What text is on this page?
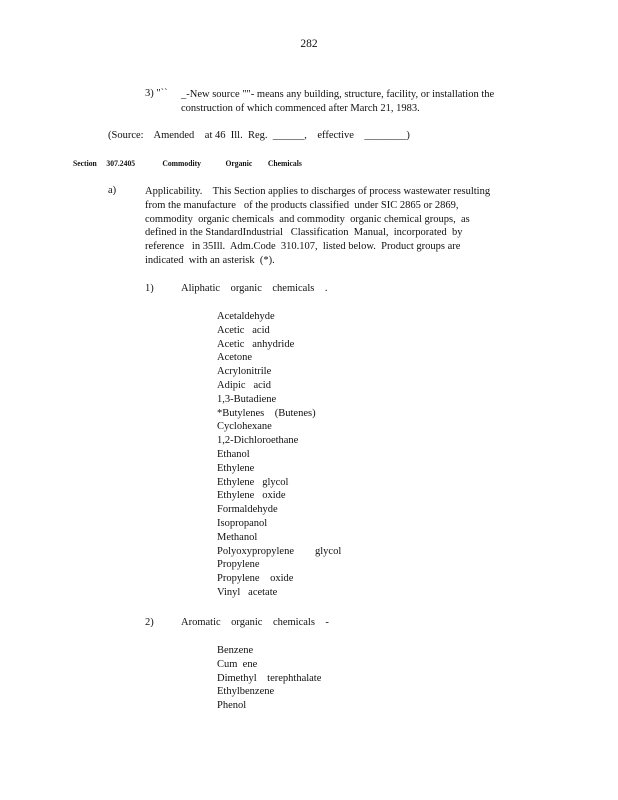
282
3) "`` _-New source ""- means any building, structure, facility, or installation the
construction of which commenced after March 21, 1983.
(Source:    Amended    at 46  Ill.  Reg.  ______,    effective    ________)
Section 307.2405	Commodity	Organic Chemicals
a)	Applicability.    This Section applies to discharges of process wastewater resulting
from the manufacture   of the products classified  under SIC 2865 or 2869,
commodity  organic chemicals  and commodity  organic chemical groups,  as
defined in the StandardIndustrial   Classification  Manual,  incorporated  by
reference   in 35Ill.  Adm.Code  310.107,  listed below.  Product groups are
indicated  with an asterisk  (*).
1)	Aliphatic    organic    chemicals    .
Acetaldehyde
Acetic   acid
Acetic   anhydride
Acetone
Acrylonitrile
Adipic   acid
1,3-Butadiene
*Butylenes    (Butenes)
Cyclohexane
1,2-Dichloroethane
Ethanol
Ethylene
Ethylene   glycol
Ethylene   oxide
Formaldehyde
Isopropanol
Methanol
Polyoxypropylene        glycol
Propylene
Propylene    oxide
Vinyl   acetate
2)	Aromatic    organic    chemicals    -
Benzene
Cum  ene
Dimethyl    terephthalate
Ethylbenzene
Phenol
